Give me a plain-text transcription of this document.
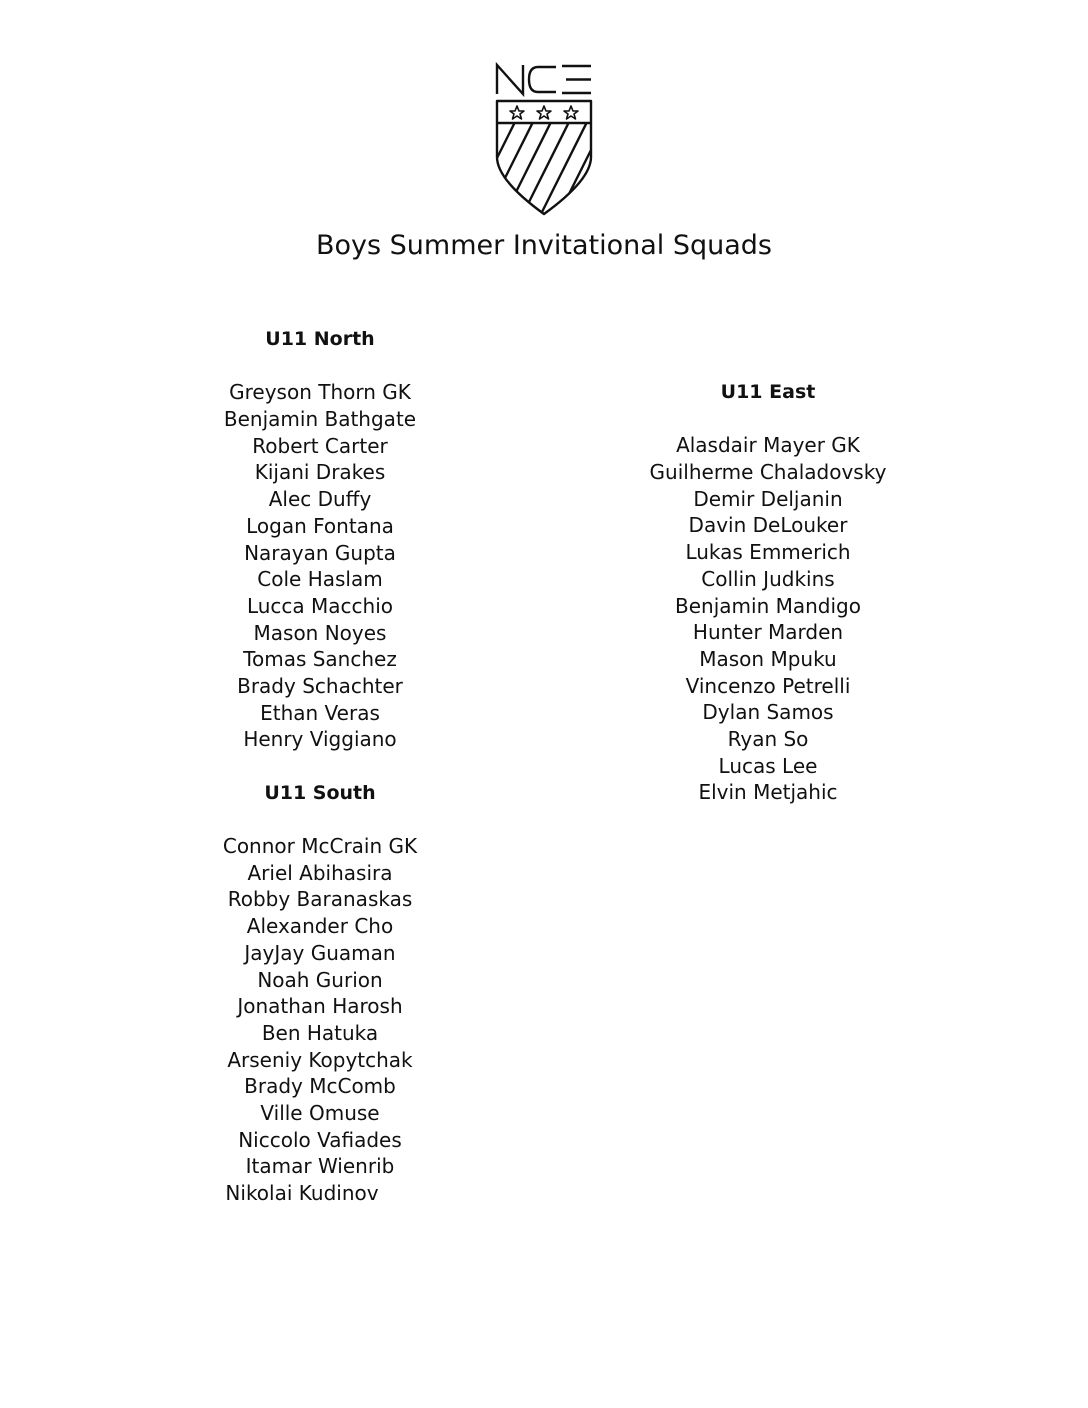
Boys Summer Invitational Squads
U11 North
Greyson Thorn GK
Benjamin Bathgate
Robert Carter
Kijani Drakes
Alec Duffy
Logan Fontana
Narayan Gupta
Cole Haslam
Lucca Macchio
Mason Noyes
Tomas Sanchez
Brady Schachter
Ethan Veras
Henry Viggiano
U11 South
Connor McCrain GK
Ariel Abihasira
Robby Baranaskas
Alexander Cho
JayJay Guaman
Noah Gurion
Jonathan Harosh
Ben Hatuka
Arseniy Kopytchak
Brady McComb
Ville Omuse
Niccolo Vafiades
Itamar Wienrib
Nikolai Kudinov
U11 East
Alasdair Mayer GK
Guilherme Chaladovsky
Demir Deljanin
Davin DeLouker
Lukas Emmerich
Collin Judkins
Benjamin Mandigo
Hunter Marden
Mason Mpuku
Vincenzo Petrelli
Dylan Samos
Ryan So
Lucas Lee
Elvin Metjahic
